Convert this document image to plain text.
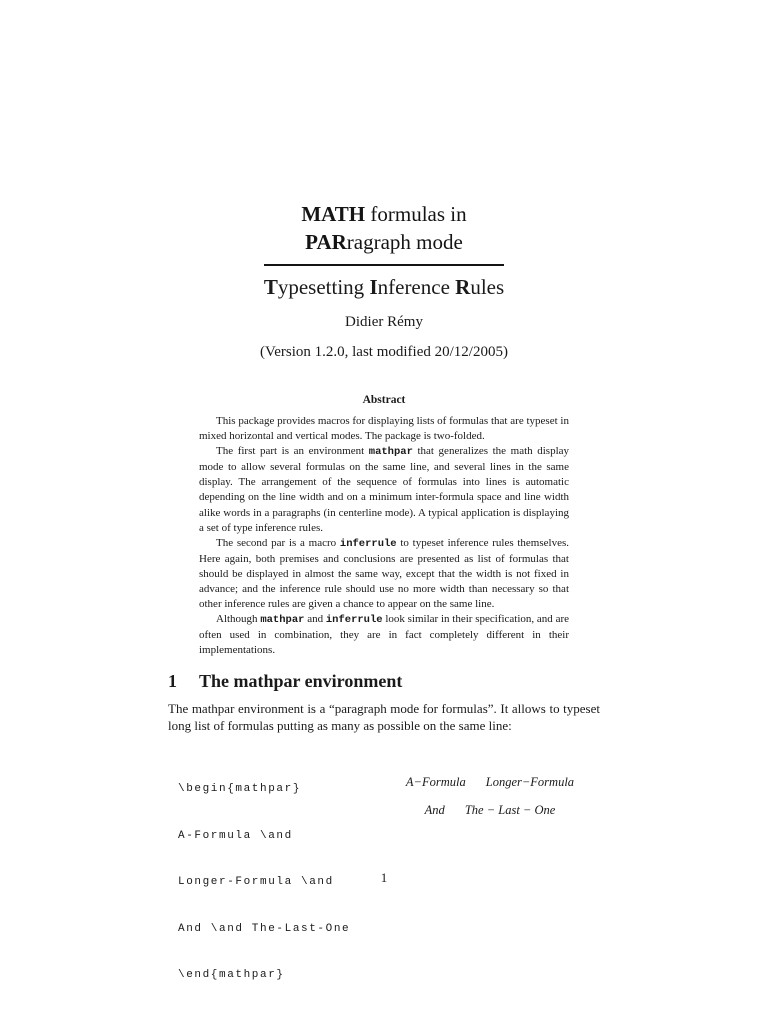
MATH formulas in
PARragraph mode
Typesetting Inference Rules
Didier Rémy
(Version 1.2.0, last modified 20/12/2005)
Abstract

This package provides macros for displaying lists of formulas that are typeset in mixed horizontal and vertical modes. The package is two-folded.

The first part is an environment mathpar that generalizes the math display mode to allow several formulas on the same line, and several lines in the same display. The arrangement of the sequence of formulas into lines is automatic depending on the line width and on a minimum inter-formula space and line width alike words in a paragraphs (in centerline mode). A typical application is displaying a set of type inference rules.

The second par is a macro inferrule to typeset inference rules themselves. Here again, both premises and conclusions are presented as list of formulas that should be displayed in almost the same way, except that the width is not fixed in advance; and the inference rule should use no more width than necessary so that other inference rules are given a chance to appear on the same line.

Although mathpar and inferrule look similar in their specification, and are often used in combination, they are in fact completely different in their implementations.

1 The mathpar environment
The mathpar environment is a “paragraph mode for formulas”. It allows to typeset long list of formulas putting as many as possible on the same line:

\begin{mathpar}

A-Formula \and

Longer-Formula \and

And \and The-Last-One

\end{mathpar}

A−Formula Longer−Formula
And The − Last − One
1
